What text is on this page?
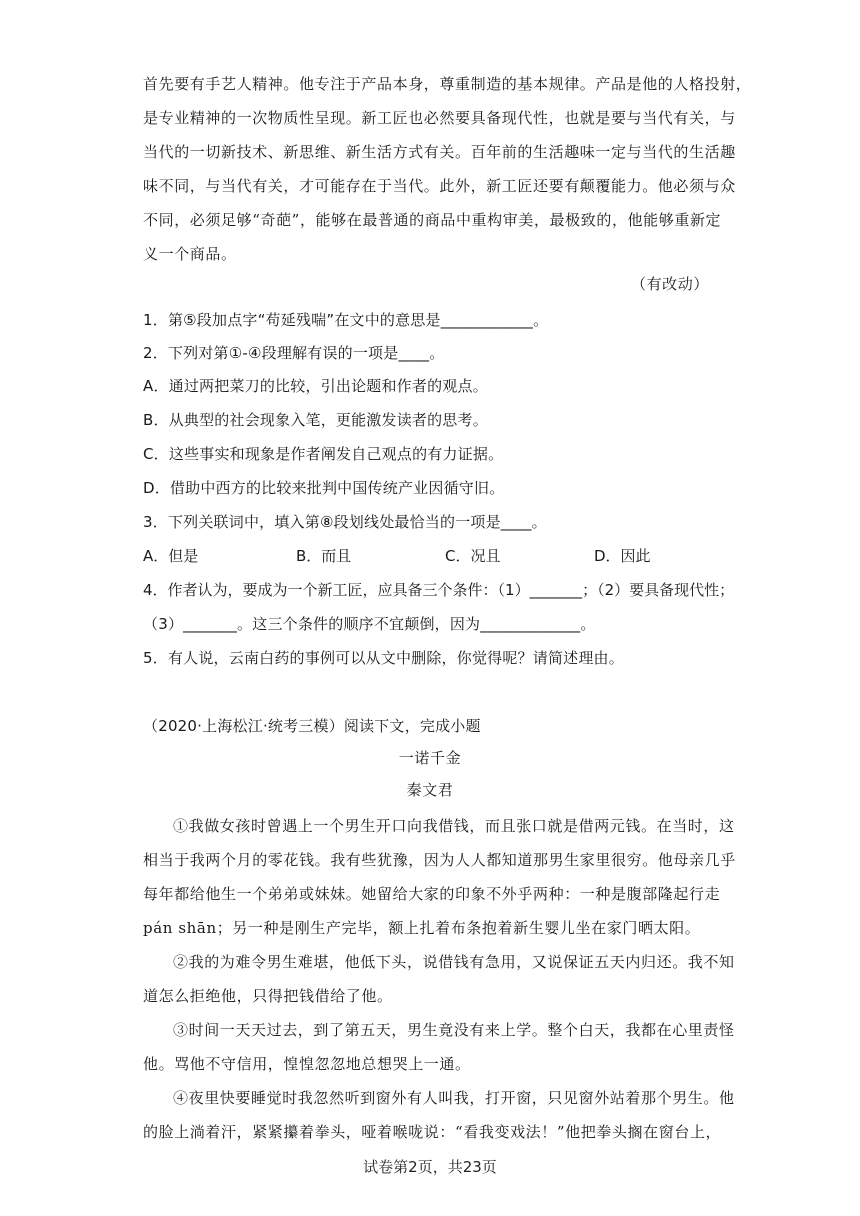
首先要有手艺人精神。他专注于产品本身，尊重制造的基本规律。产品是他的人格投射，
是专业精神的一次物质性呈现。新工匠也必然要具备现代性，也就是要与当代有关，与
当代的一切新技术、新思维、新生活方式有关。百年前的生活趣味一定与当代的生活趣
味不同，与当代有关，才可能存在于当代。此外，新工匠还要有颠覆能力。他必须与众
不同，必须足够“奇葩”，能够在最普通的商品中重构审美，最极致的，他能够重新定
义一个商品。
（有改动）
1．第⑤段加点字“苟延残喘”在文中的意思是____________。
2．下列对第①-④段理解有误的一项是____。
A．通过两把菜刀的比较，引出论题和作者的观点。
B．从典型的社会现象入笔，更能激发读者的思考。
C．这些事实和现象是作者阐发自己观点的有力证据。
D．借助中西方的比较来批判中国传统产业因循守旧。
3．下列关联词中，填入第⑧段划线处最恰当的一项是____。
A．但是	B．而且	C．况且	D．因此
4．作者认为，要成为一个新工匠，应具备三个条件：（1）_______；（2）要具备现代性；
（3）_______。这三个条件的顺序不宜颠倒，因为_____________。
5．有人说，云南白药的事例可以从文中删除，你觉得呢？请简述理由。
（2020·上海松江·统考三模）阅读下文，完成小题
一诺千金
秦文君
①我做女孩时曾遇上一个男生开口向我借钱，而且张口就是借两元钱。在当时，这
相当于我两个月的零花钱。我有些犹豫，因为人人都知道那男生家里很穷。他母亲几乎
每年都给他生一个弟弟或妹妹。她留给大家的印象不外乎两种：一种是腹部隆起行走
pán shān；另一种是刚生产完毕，额上扎着布条抱着新生婴儿坐在家门晒太阳。
②我的为难令男生难堪，他低下头，说借钱有急用，又说保证五天内归还。我不知
道怎么拒绝他，只得把钱借给了他。
③时间一天天过去，到了第五天，男生竟没有来上学。整个白天，我都在心里责怪
他。骂他不守信用，惶惶忽忽地总想哭上一通。
④夜里快要睡觉时我忽然听到窗外有人叫我，打开窗，只见窗外站着那个男生。他
的脸上淌着汗，紧紧攥着拳头，哑着喉咙说：“看我变戏法！”他把拳头搁在窗台上，
试卷第2页，共23页
